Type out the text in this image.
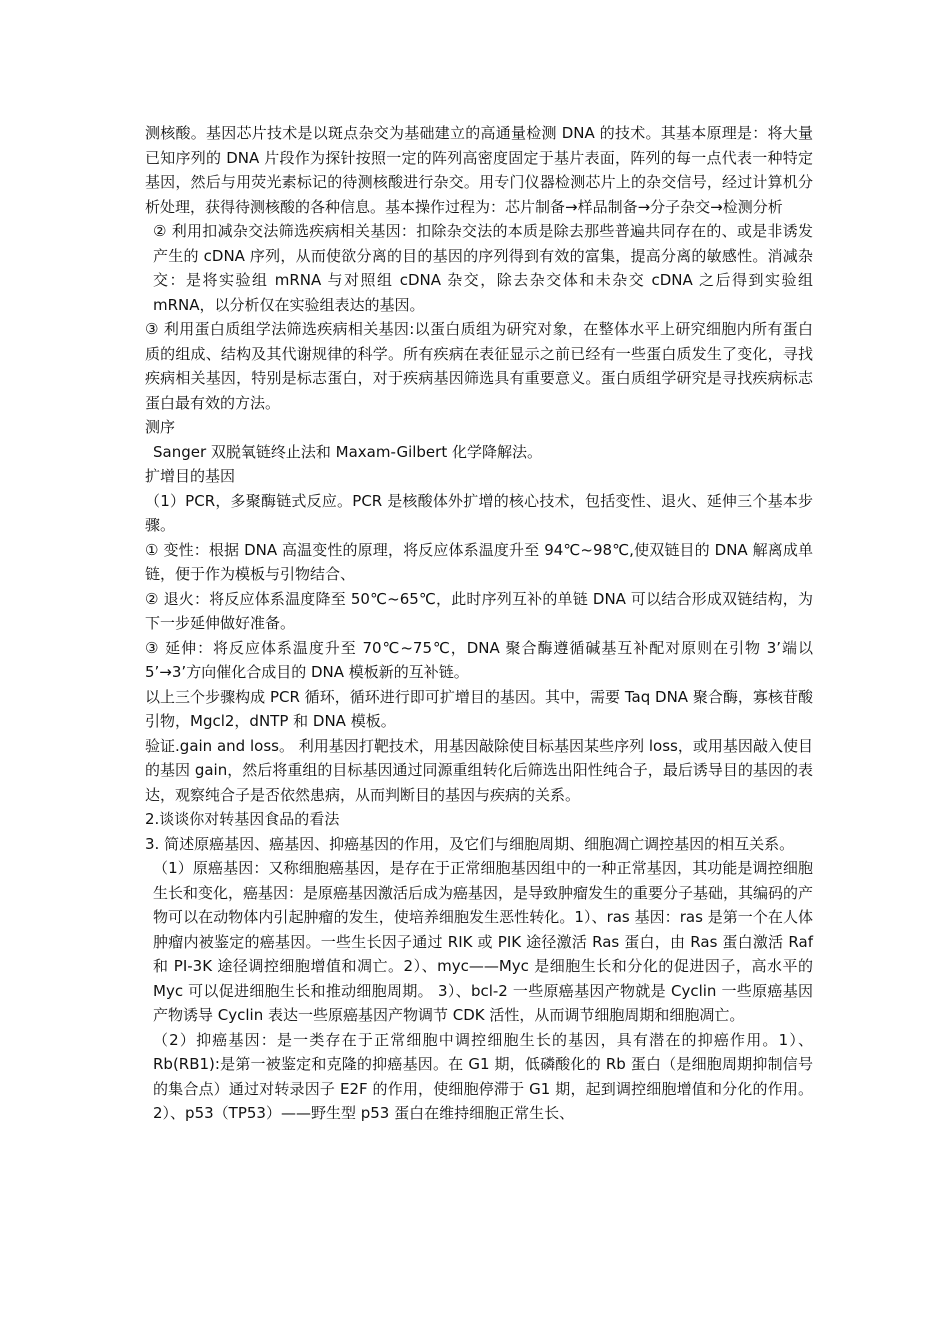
测核酸。基因芯片技术是以斑点杂交为基础建立的高通量检测 DNA 的技术。其基本原理是：将大量已知序列的 DNA 片段作为探针按照一定的阵列高密度固定于基片表面，阵列的每一点代表一种特定基因，然后与用荧光素标记的待测核酸进行杂交。用专门仪器检测芯片上的杂交信号，经过计算机分析处理，获得待测核酸的各种信息。基本操作过程为：芯片制备→样品制备→分子杂交→检测分析

② 利用扣减杂交法筛选疾病相关基因：扣除杂交法的本质是除去那些普遍共同存在的、或是非诱发产生的 cDNA 序列，从而使欲分离的目的基因的序列得到有效的富集，提高分离的敏感性。消减杂交：是将实验组 mRNA 与对照组 cDNA 杂交，除去杂交体和未杂交 cDNA 之后得到实验组 mRNA，以分析仅在实验组表达的基因。

③ 利用蛋白质组学法筛选疾病相关基因:以蛋白质组为研究对象，在整体水平上研究细胞内所有蛋白质的组成、结构及其代谢规律的科学。所有疾病在表征显示之前已经有一些蛋白质发生了变化，寻找疾病相关基因，特别是标志蛋白，对于疾病基因筛选具有重要意义。蛋白质组学研究是寻找疾病标志蛋白最有效的方法。

测序

Sanger 双脱氧链终止法和 Maxam-Gilbert 化学降解法。

扩增目的基因

（1）PCR，多聚酶链式反应。PCR 是核酸体外扩增的核心技术，包括变性、退火、延伸三个基本步骤。

① 变性：根据 DNA 高温变性的原理，将反应体系温度升至 94℃~98℃,使双链目的 DNA 解离成单链，便于作为模板与引物结合、

② 退火：将反应体系温度降至 50℃~65℃，此时序列互补的单链 DNA 可以结合形成双链结构，为下一步延伸做好准备。

③ 延伸：将反应体系温度升至 70℃~75℃，DNA 聚合酶遵循碱基互补配对原则在引物 3’端以 5’→3’方向催化合成目的 DNA 模板新的互补链。

以上三个步骤构成 PCR 循环，循环进行即可扩增目的基因。其中，需要 Taq DNA 聚合酶，寡核苷酸引物，Mgcl2，dNTP 和 DNA 模板。

验证.gain and loss。 利用基因打靶技术，用基因敲除使目标基因某些序列 loss，或用基因敲入使目的基因 gain，然后将重组的目标基因通过同源重组转化后筛选出阳性纯合子，最后诱导目的基因的表达，观察纯合子是否依然患病，从而判断目的基因与疾病的关系。

2.谈谈你对转基因食品的看法

3. 简述原癌基因、癌基因、抑癌基因的作用，及它们与细胞周期、细胞凋亡调控基因的相互关系。

（1）原癌基因：又称细胞癌基因，是存在于正常细胞基因组中的一种正常基因，其功能是调控细胞生长和变化，癌基因：是原癌基因激活后成为癌基因，是导致肿瘤发生的重要分子基础，其编码的产物可以在动物体内引起肿瘤的发生，使培养细胞发生恶性转化。1）、ras 基因：ras 是第一个在人体肿瘤内被鉴定的癌基因。一些生长因子通过 RIK 或 PIK 途径激活 Ras 蛋白，由 Ras 蛋白激活 Raf 和 PI-3K 途径调控细胞增值和凋亡。2）、myc——Myc 是细胞生长和分化的促进因子，高水平的 Myc 可以促进细胞生长和推动细胞周期。 3）、bcl-2 一些原癌基因产物就是 Cyclin 一些原癌基因产物诱导 Cyclin 表达一些原癌基因产物调节 CDK 活性，从而调节细胞周期和细胞凋亡。

（2）抑癌基因：是一类存在于正常细胞中调控细胞生长的基因，具有潜在的抑癌作用。1）、Rb(RB1):是第一被鉴定和克隆的抑癌基因。在 G1 期，低磷酸化的 Rb 蛋白（是细胞周期抑制信号的集合点）通过对转录因子 E2F 的作用，使细胞停滞于 G1 期，起到调控细胞增值和分化的作用。 2）、p53（TP53）——野生型 p53 蛋白在维持细胞正常生长、
